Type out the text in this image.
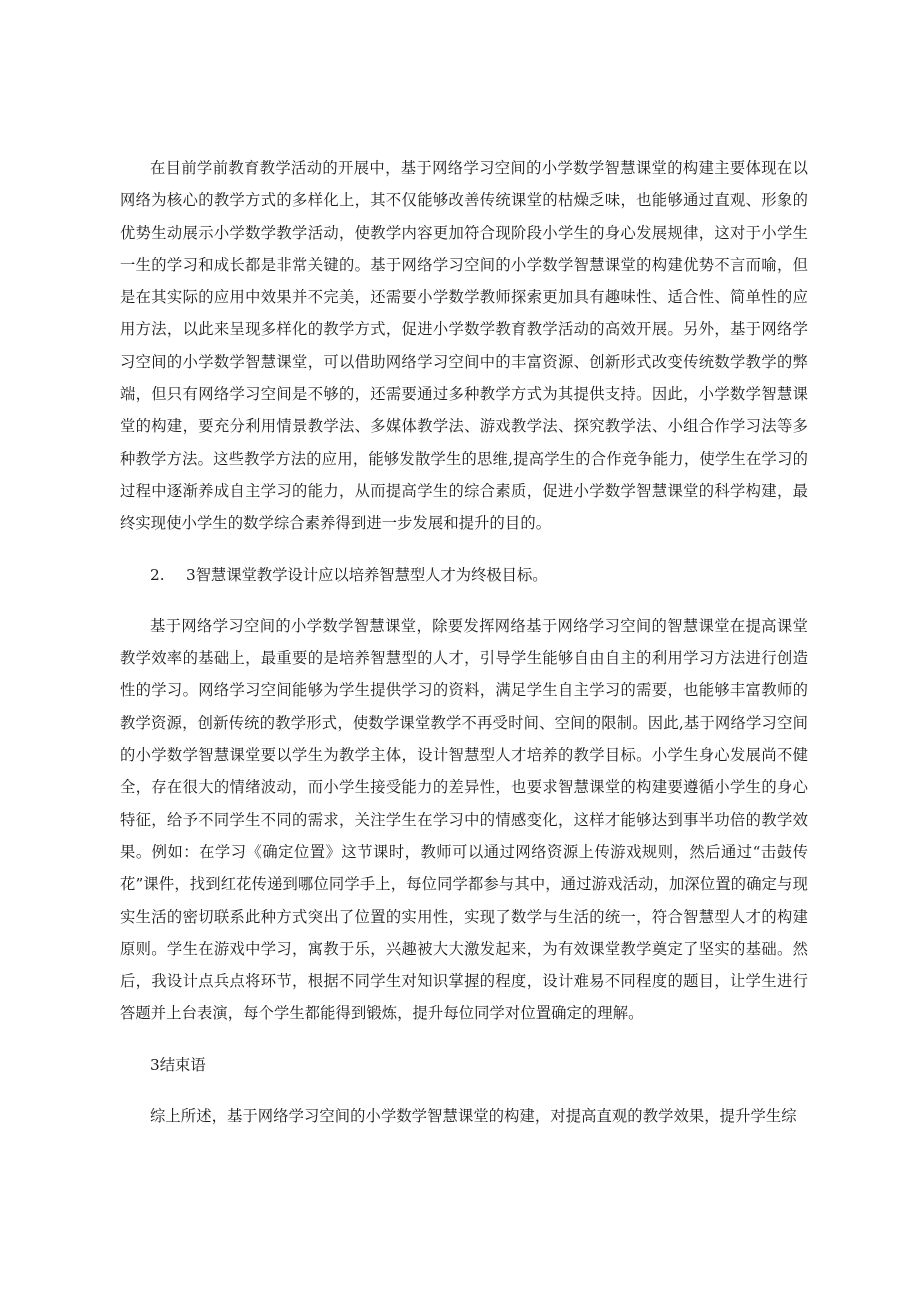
在目前学前教育教学活动的开展中，基于网络学习空间的小学数学智慧课堂的构建主要体现在以网络为核心的教学方式的多样化上，其不仅能够改善传统课堂的枯燥乏味，也能够通过直观、形象的优势生动展示小学数学教学活动，使教学内容更加符合现阶段小学生的身心发展规律，这对于小学生一生的学习和成长都是非常关键的。基于网络学习空间的小学数学智慧课堂的构建优势不言而喻，但是在其实际的应用中效果并不完美，还需要小学数学教师探索更加具有趣味性、适合性、简单性的应用方法，以此来呈现多样化的教学方式，促进小学数学教育教学活动的高效开展。另外，基于网络学习空间的小学数学智慧课堂，可以借助网络学习空间中的丰富资源、创新形式改变传统数学教学的弊端，但只有网络学习空间是不够的，还需要通过多种教学方式为其提供支持。因此，小学数学智慧课堂的构建，要充分利用情景教学法、多媒体教学法、游戏教学法、探究教学法、小组合作学习法等多种教学方法。这些教学方法的应用，能够发散学生的思维,提高学生的合作竞争能力，使学生在学习的过程中逐渐养成自主学习的能力，从而提高学生的综合素质，促进小学数学智慧课堂的科学构建，最终实现使小学生的数学综合素养得到进一步发展和提升的目的。

2. 3智慧课堂教学设计应以培养智慧型人才为终极目标。

基于网络学习空间的小学数学智慧课堂，除要发挥网络基于网络学习空间的智慧课堂在提高课堂教学效率的基础上，最重要的是培养智慧型的人才，引导学生能够自由自主的利用学习方法进行创造性的学习。网络学习空间能够为学生提供学习的资料，满足学生自主学习的需要，也能够丰富教师的教学资源，创新传统的教学形式，使数学课堂教学不再受时间、空间的限制。因此,基于网络学习空间的小学数学智慧课堂要以学生为教学主体，设计智慧型人才培养的教学目标。小学生身心发展尚不健全，存在很大的情绪波动，而小学生接受能力的差异性，也要求智慧课堂的构建要遵循小学生的身心特征，给予不同学生不同的需求，关注学生在学习中的情感变化，这样才能够达到事半功倍的教学效果。例如：在学习《确定位置》这节课时，教师可以通过网络资源上传游戏规则，然后通过“击鼓传花”课件，找到红花传递到哪位同学手上，每位同学都参与其中，通过游戏活动，加深位置的确定与现实生活的密切联系此种方式突出了位置的实用性，实现了数学与生活的统一，符合智慧型人才的构建原则。学生在游戏中学习，寓教于乐，兴趣被大大激发起来，为有效课堂教学奠定了坚实的基础。然后，我设计点兵点将环节，根据不同学生对知识掌握的程度，设计难易不同程度的题目，让学生进行答题并上台表演，每个学生都能得到锻炼，提升每位同学对位置确定的理解。

3结束语

综上所述，基于网络学习空间的小学数学智慧课堂的构建，对提高直观的教学效果，提升学生综
